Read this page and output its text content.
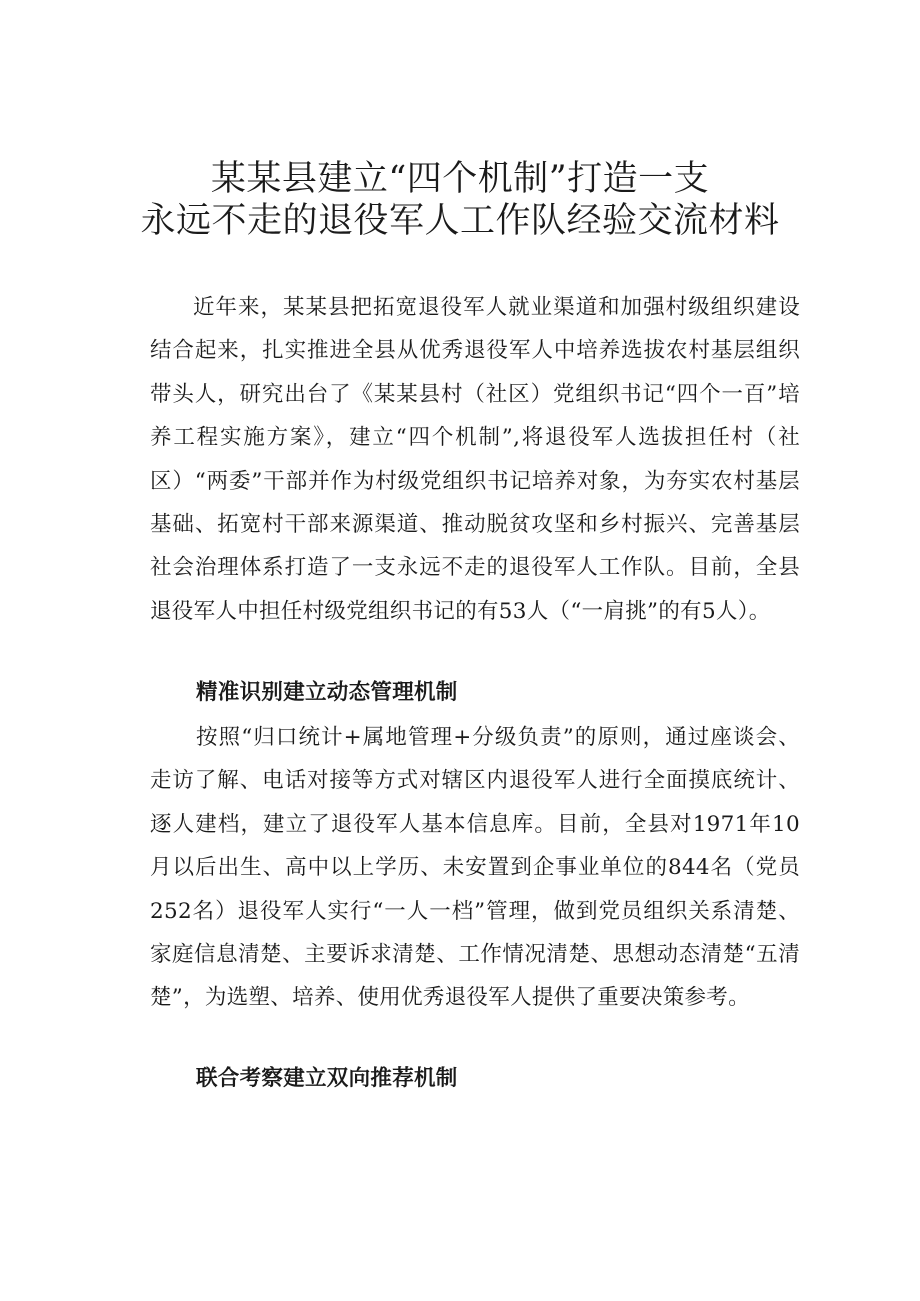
某某县建立“四个机制”打造一支
永远不走的退役军人工作队经验交流材料

近年来，某某县把拓宽退役军人就业渠道和加强村级组织建设结合起来，扎实推进全县从优秀退役军人中培养选拔农村基层组织带头人，研究出台了《某某县村（社区）党组织书记“四个一百”培养工程实施方案》，建立“四个机制”,将退役军人选拔担任村（社区）“两委”干部并作为村级党组织书记培养对象，为夯实农村基层基础、拓宽村干部来源渠道、推动脱贫攻坚和乡村振兴、完善基层社会治理体系打造了一支永远不走的退役军人工作队。目前，全县退役军人中担任村级党组织书记的有53人（“一肩挑”的有5人）。

精准识别建立动态管理机制

按照“归口统计+属地管理+分级负责”的原则，通过座谈会、走访了解、电话对接等方式对辖区内退役军人进行全面摸底统计、逐人建档，建立了退役军人基本信息库。目前，全县对1971年10月以后出生、高中以上学历、未安置到企事业单位的844名（党员252名）退役军人实行“一人一档”管理，做到党员组织关系清楚、家庭信息清楚、主要诉求清楚、工作情况清楚、思想动态清楚“五清楚”，为选塑、培养、使用优秀退役军人提供了重要决策参考。

联合考察建立双向推荐机制
